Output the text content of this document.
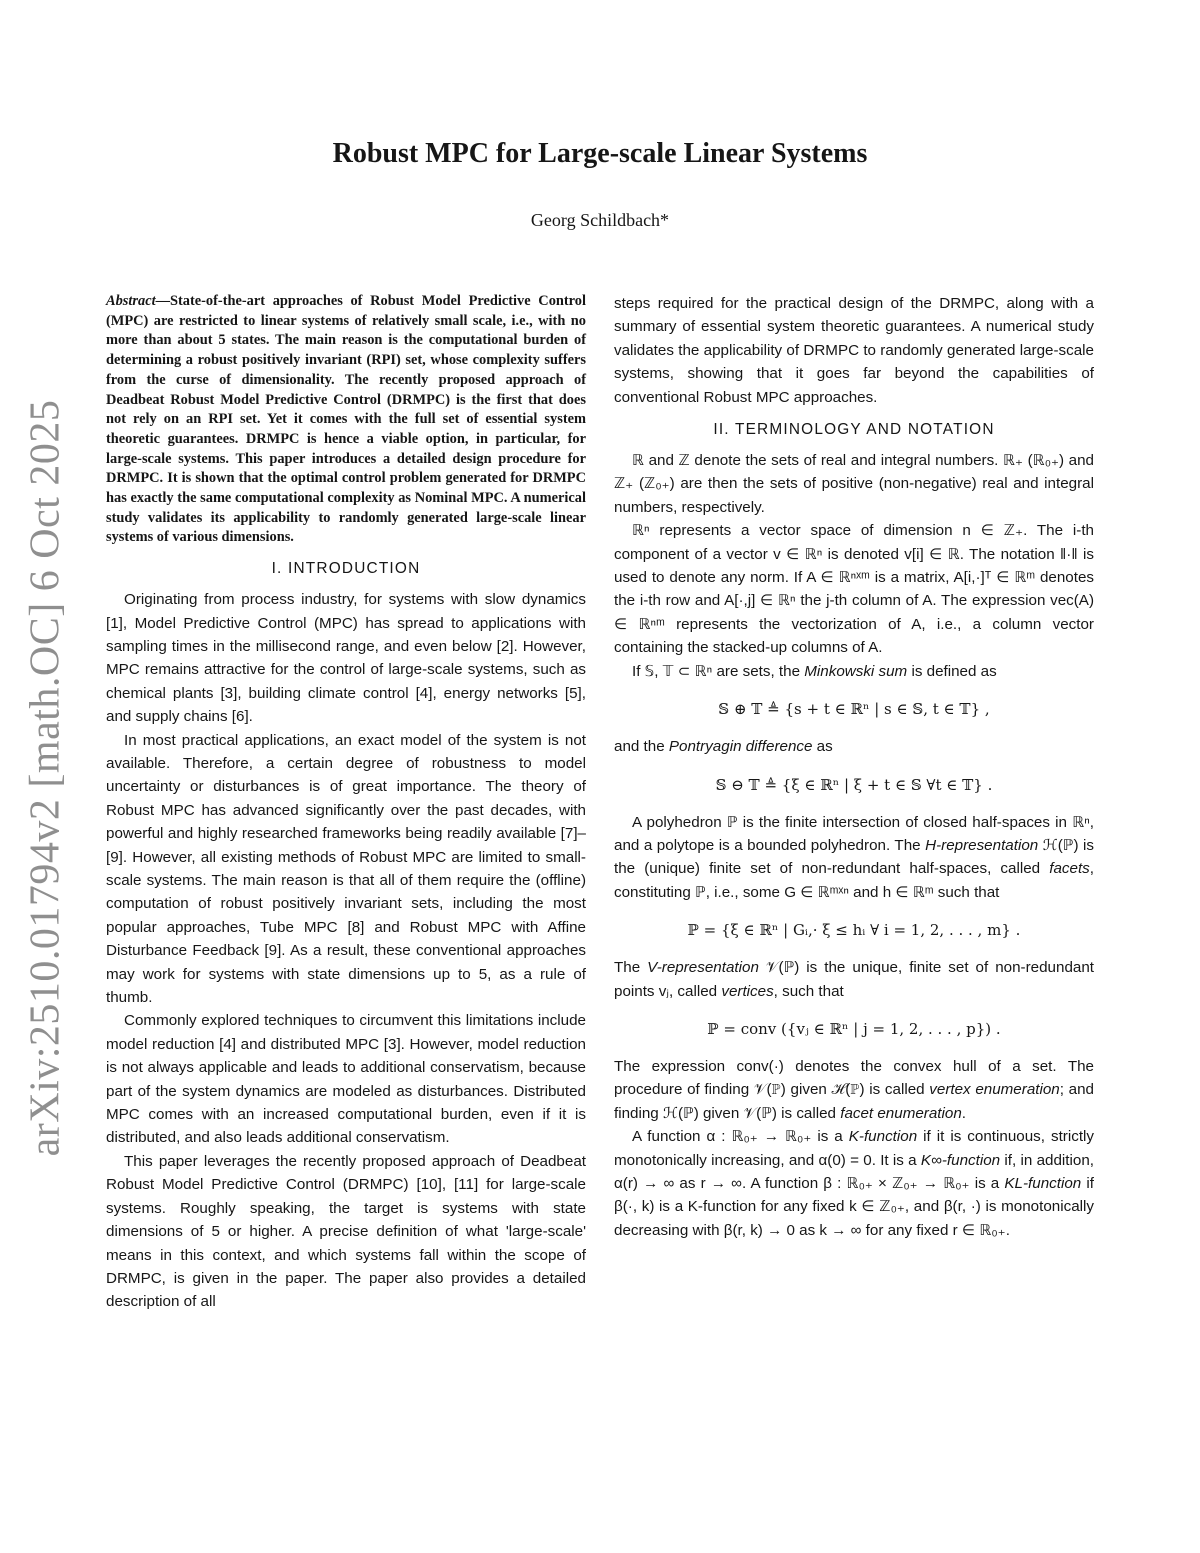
arXiv:2510.01794v2 [math.OC] 6 Oct 2025
Robust MPC for Large-scale Linear Systems

Georg Schildbach*

Abstract—State-of-the-art approaches of Robust Model Predictive Control (MPC) are restricted to linear systems of relatively small scale, i.e., with no more than about 5 states. The main reason is the computational burden of determining a robust positively invariant (RPI) set, whose complexity suffers from the curse of dimensionality. The recently proposed approach of Deadbeat Robust Model Predictive Control (DRMPC) is the first that does not rely on an RPI set. Yet it comes with the full set of essential system theoretic guarantees. DRMPC is hence a viable option, in particular, for large-scale systems. This paper introduces a detailed design procedure for DRMPC. It is shown that the optimal control problem generated for DRMPC has exactly the same computational complexity as Nominal MPC. A numerical study validates its applicability to randomly generated large-scale linear systems of various dimensions.

I. INTRODUCTION

Originating from process industry, for systems with slow dynamics [1], Model Predictive Control (MPC) has spread to applications with sampling times in the millisecond range, and even below [2]. However, MPC remains attractive for the control of large-scale systems, such as chemical plants [3], building climate control [4], energy networks [5], and supply chains [6].

In most practical applications, an exact model of the system is not available. Therefore, a certain degree of robustness to model uncertainty or disturbances is of great importance. The theory of Robust MPC has advanced significantly over the past decades, with powerful and highly researched frameworks being readily available [7]–[9]. However, all existing methods of Robust MPC are limited to small-scale systems. The main reason is that all of them require the (offline) computation of robust positively invariant sets, including the most popular approaches, Tube MPC [8] and Robust MPC with Affine Disturbance Feedback [9]. As a result, these conventional approaches may work for systems with state dimensions up to 5, as a rule of thumb.

Commonly explored techniques to circumvent this limitations include model reduction [4] and distributed MPC [3]. However, model reduction is not always applicable and leads to additional conservatism, because part of the system dynamics are modeled as disturbances. Distributed MPC comes with an increased computational burden, even if it is distributed, and also leads additional conservatism.

This paper leverages the recently proposed approach of Deadbeat Robust Model Predictive Control (DRMPC) [10], [11] for large-scale systems. Roughly speaking, the target is systems with state dimensions of 5 or higher. A precise definition of what 'large-scale' means in this context, and which systems fall within the scope of DRMPC, is given in the paper. The paper also provides a detailed description of all

steps required for the practical design of the DRMPC, along with a summary of essential system theoretic guarantees. A numerical study validates the applicability of DRMPC to randomly generated large-scale systems, showing that it goes far beyond the capabilities of conventional Robust MPC approaches.

II. TERMINOLOGY AND NOTATION

ℝ and ℤ denote the sets of real and integral numbers. ℝ₊ (ℝ₀₊) and ℤ₊ (ℤ₀₊) are then the sets of positive (non-negative) real and integral numbers, respectively.

ℝⁿ represents a vector space of dimension n ∈ ℤ₊. The i-th component of a vector v ∈ ℝⁿ is denoted v[i] ∈ ℝ. The notation ‖·‖ is used to denote any norm. If A ∈ ℝⁿˣᵐ is a matrix, A[i,·]ᵀ ∈ ℝᵐ denotes the i-th row and A[·,j] ∈ ℝⁿ the j-th column of A. The expression vec(A) ∈ ℝⁿᵐ represents the vectorization of A, i.e., a column vector containing the stacked-up columns of A.

If 𝕊, 𝕋 ⊂ ℝⁿ are sets, the Minkowski sum is defined as

𝕊 ⊕ 𝕋 ≜ {s + t ∈ ℝⁿ | s ∈ 𝕊, t ∈ 𝕋} ,

and the Pontryagin difference as

𝕊 ⊖ 𝕋 ≜ {ξ ∈ ℝⁿ | ξ + t ∈ 𝕊 ∀t ∈ 𝕋} .

A polyhedron ℙ is the finite intersection of closed half-spaces in ℝⁿ, and a polytope is a bounded polyhedron. The H-representation ℋ(ℙ) is the (unique) finite set of non-redundant half-spaces, called facets, constituting ℙ, i.e., some G ∈ ℝᵐˣⁿ and h ∈ ℝᵐ such that

ℙ = {ξ ∈ ℝⁿ | Gᵢ,· ξ ≤ hᵢ ∀ i = 1, 2, . . . , m} .

The V-representation 𝒱(ℙ) is the unique, finite set of non-redundant points vⱼ, called vertices, such that

ℙ = conv ({vⱼ ∈ ℝⁿ | j = 1, 2, . . . , p}) .

The expression conv(·) denotes the convex hull of a set. The procedure of finding 𝒱(ℙ) given ℋ(ℙ) is called vertex enumeration; and finding ℋ(ℙ) given 𝒱(ℙ) is called facet enumeration.

A function α : ℝ₀₊ → ℝ₀₊ is a K-function if it is continuous, strictly monotonically increasing, and α(0) = 0. It is a K∞-function if, in addition, α(r) → ∞ as r → ∞. A function β : ℝ₀₊ × ℤ₀₊ → ℝ₀₊ is a KL-function if β(·, k) is a K-function for any fixed k ∈ ℤ₀₊, and β(r, ·) is monotonically decreasing with β(r, k) → 0 as k → ∞ for any fixed r ∈ ℝ₀₊.
